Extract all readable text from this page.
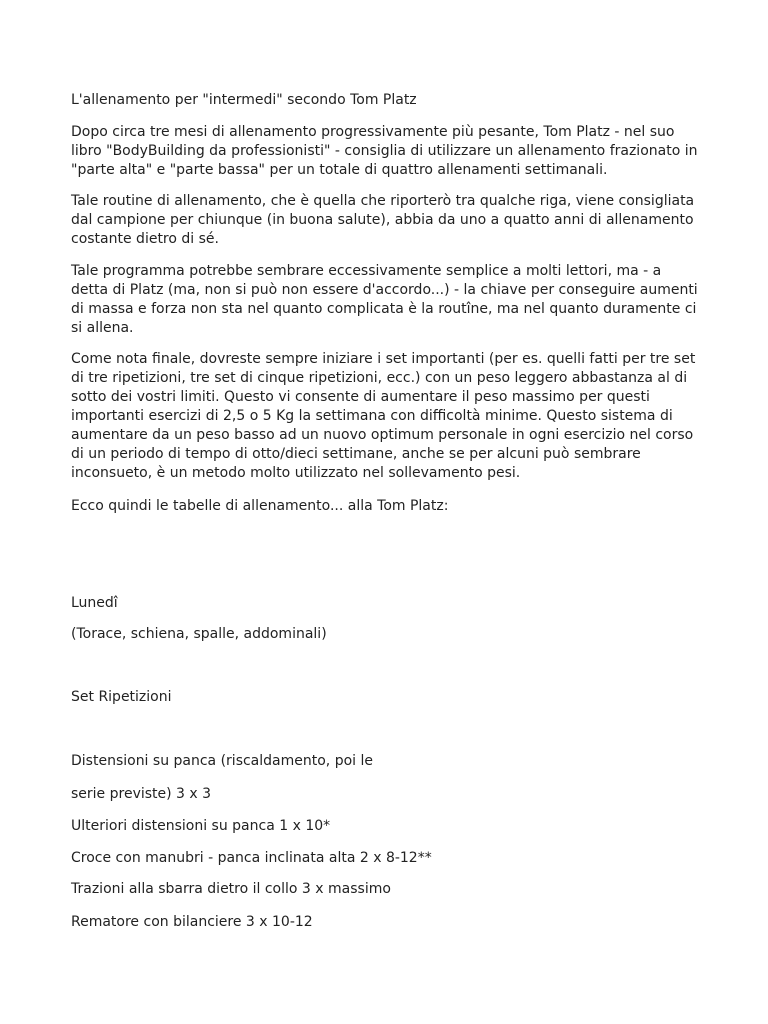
L'allenamento per "intermedi" secondo Tom Platz

Dopo circa tre mesi di allenamento progressivamente più pesante, Tom Platz - nel suo libro "BodyBuilding da professionisti" - consiglia di utilizzare un allenamento frazionato in "parte alta" e "parte bassa" per un totale di quattro allenamenti settimanali.

Tale routine di allenamento, che è quella che riporterò tra qualche riga, viene consigliata dal campione per chiunque (in buona salute), abbia da uno a quatto anni di allenamento costante dietro di sé.

Tale programma potrebbe sembrare eccessivamente semplice a molti lettori, ma - a detta di Platz (ma, non si può non essere d'accordo...) - la chiave per conseguire aumenti di massa e forza non sta nel quanto complicata è la routîne, ma nel quanto duramente ci si allena.

Come nota finale, dovreste sempre iniziare i set importanti (per es. quelli fatti per tre set di tre ripetizioni, tre set di cinque ripetizioni, ecc.) con un peso leggero abbastanza al di sotto dei vostri limiti. Questo vi consente di aumentare il peso massimo per questi importanti esercizi di 2,5 o 5 Kg la settimana con difficoltà minime. Questo sistema di aumentare da un peso basso ad un nuovo optimum personale in ogni esercizio nel corso di un periodo di tempo di otto/dieci settimane, anche se per alcuni può sembrare inconsueto, è un metodo molto utilizzato nel sollevamento pesi.

Ecco quindi le tabelle di allenamento... alla Tom Platz:

Lunedî

(Torace, schiena, spalle, addominali)

Set Ripetizioni

Distensioni su panca (riscaldamento, poi le

serie previste) 3 x 3

Ulteriori distensioni su panca 1 x 10*

Croce con manubri - panca inclinata alta 2 x 8-12**

Trazioni alla sbarra dietro il collo 3 x massimo

Rematore con bilanciere 3 x 10-12
